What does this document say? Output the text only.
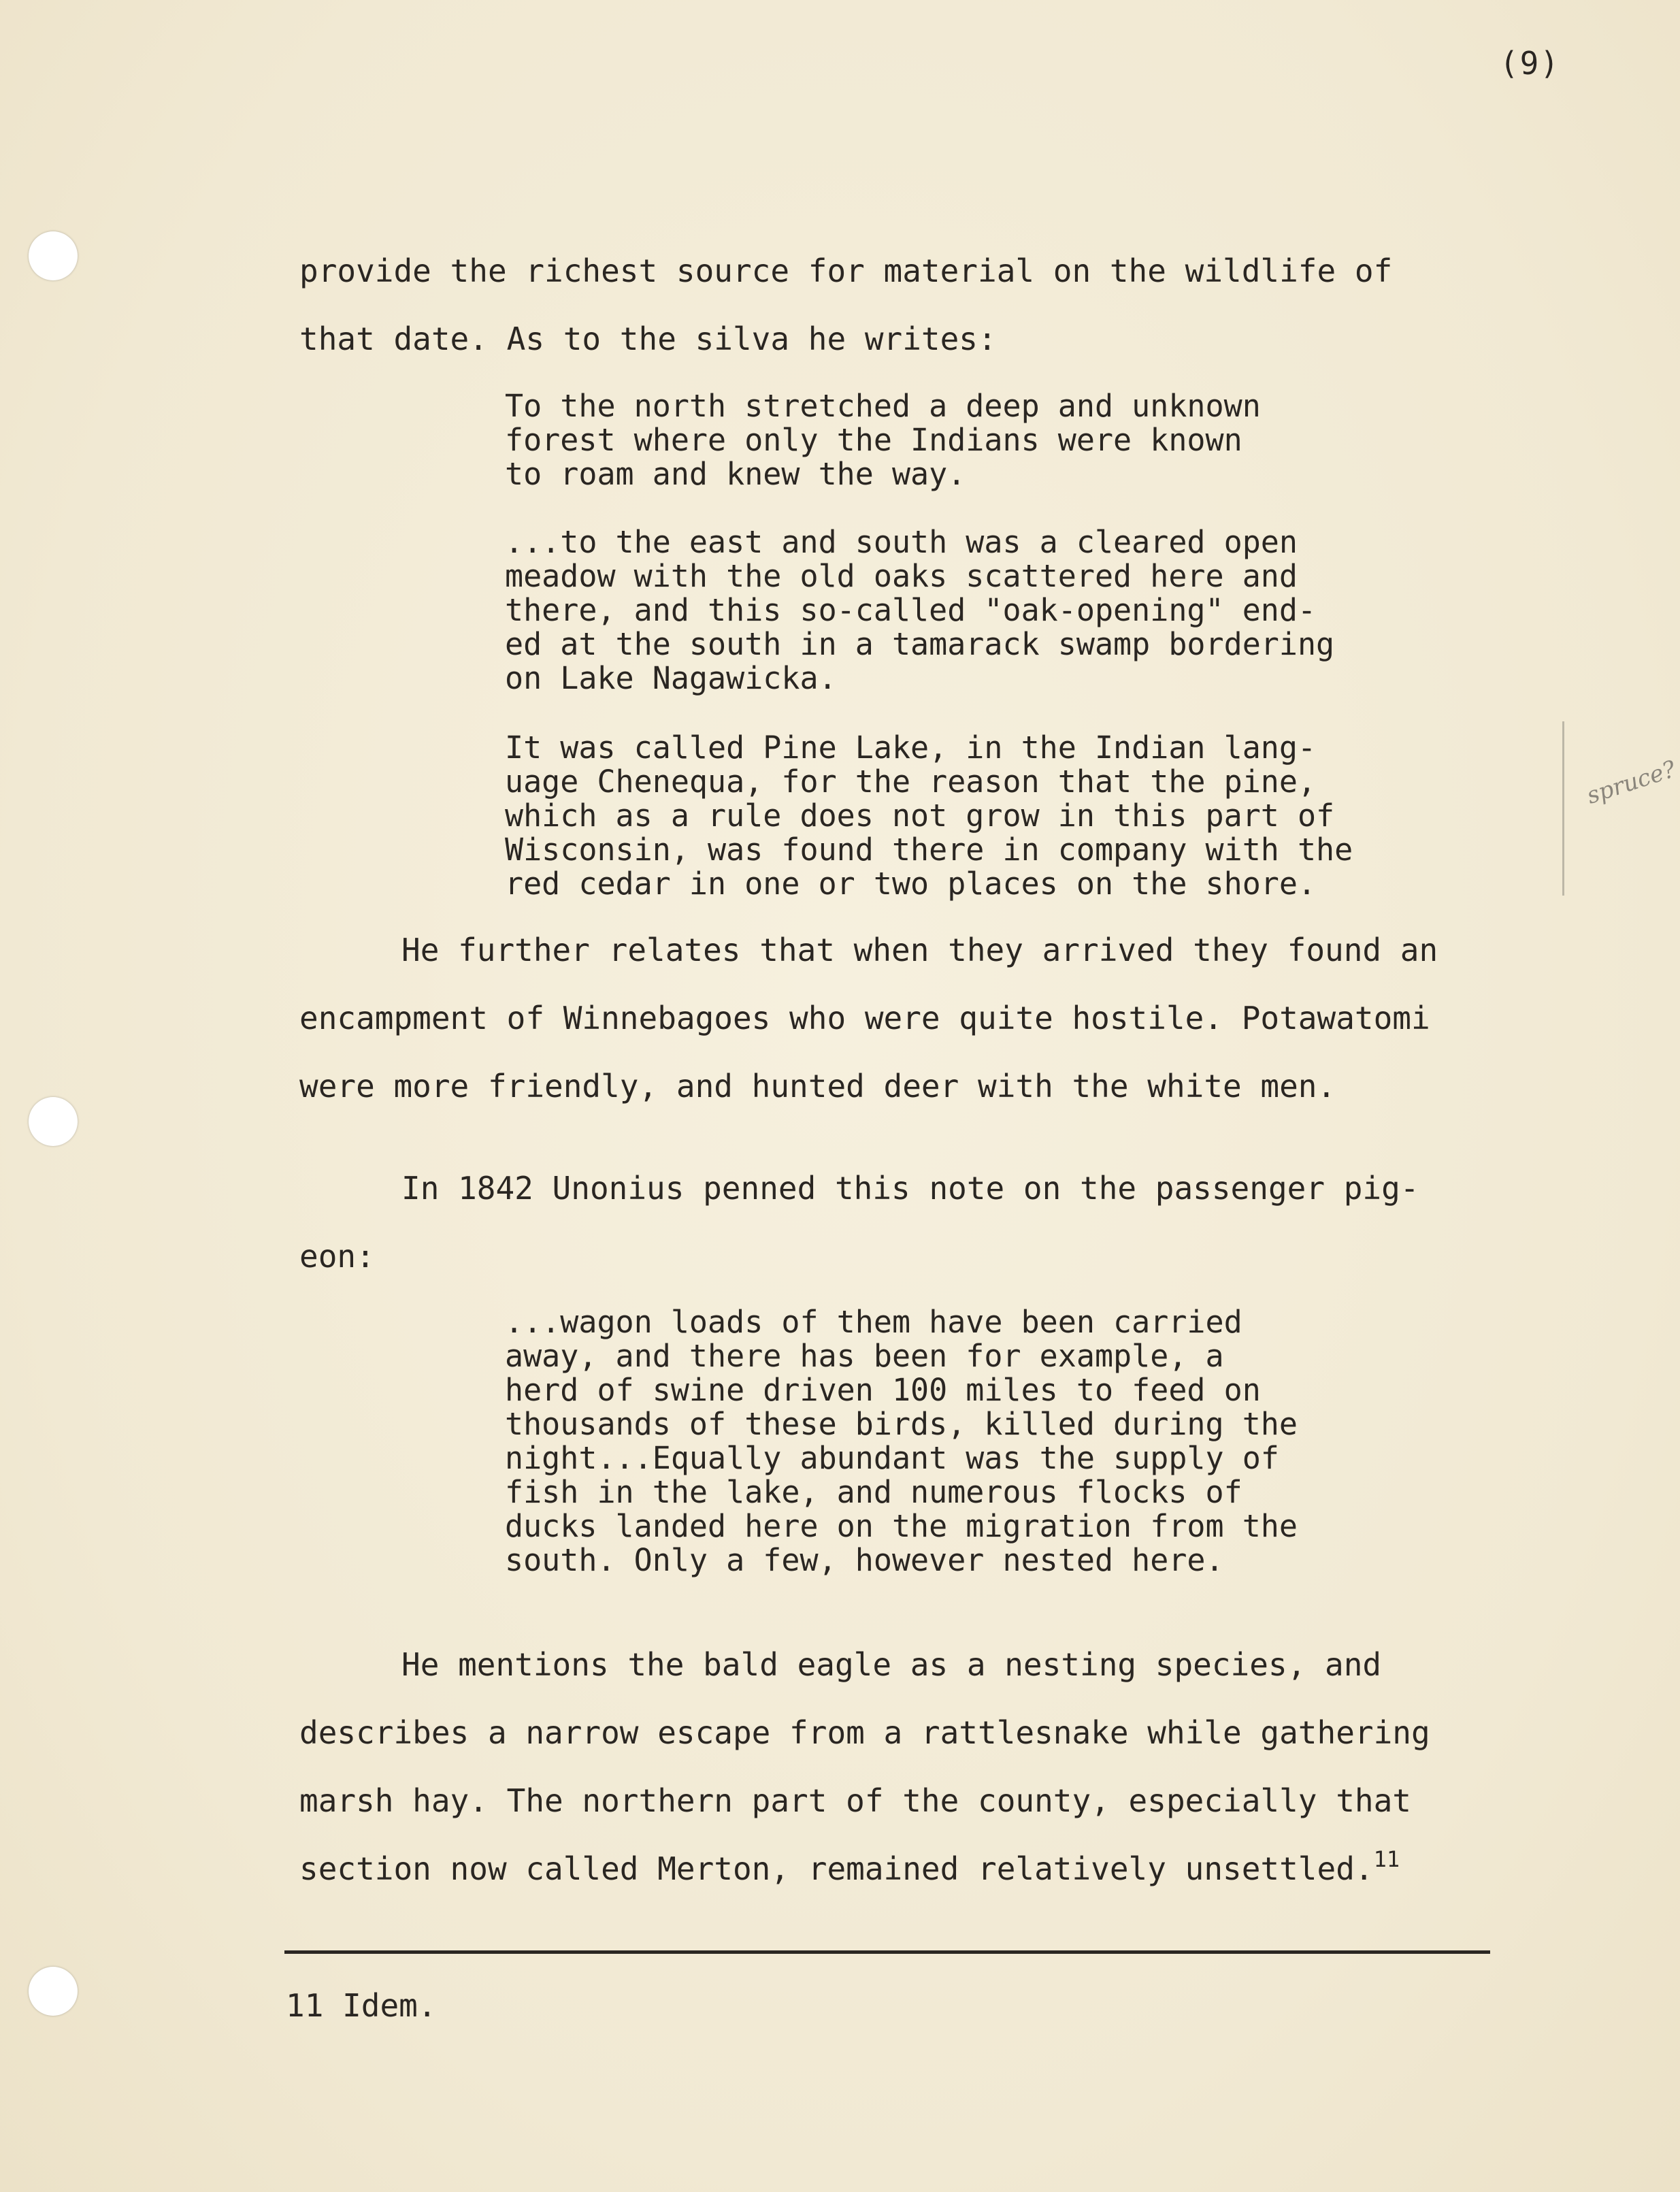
(9)
provide the richest source for material on the wildlife of
that date. As to the silva he writes:
To the north stretched a deep and unknown
forest where only the Indians were known
to roam and knew the way.
...to the east and south was a cleared open
meadow with the old oaks scattered here and
there, and this so-called "oak-opening" end-
ed at the south in a tamarack swamp bordering
on Lake Nagawicka.
It was called Pine Lake, in the Indian lang-
uage Chenequa, for the reason that the pine,
which as a rule does not grow in this part of
Wisconsin, was found there in company with the
red cedar in one or two places on the shore.
spruce?
He further relates that when they arrived they found an
encampment of Winnebagoes who were quite hostile. Potawatomi
were more friendly, and hunted deer with the white men.
In 1842 Unonius penned this note on the passenger pig-
eon:
...wagon loads of them have been carried
away, and there has been for example, a
herd of swine driven 100 miles to feed on
thousands of these birds, killed during the
night...Equally abundant was the supply of
fish in the lake, and numerous flocks of
ducks landed here on the migration from the
south. Only a few, however nested here.
He mentions the bald eagle as a nesting species, and
describes a narrow escape from a rattlesnake while gathering
marsh hay. The northern part of the county, especially that
section now called Merton, remained relatively unsettled.$^{11}$
11 Idem.
